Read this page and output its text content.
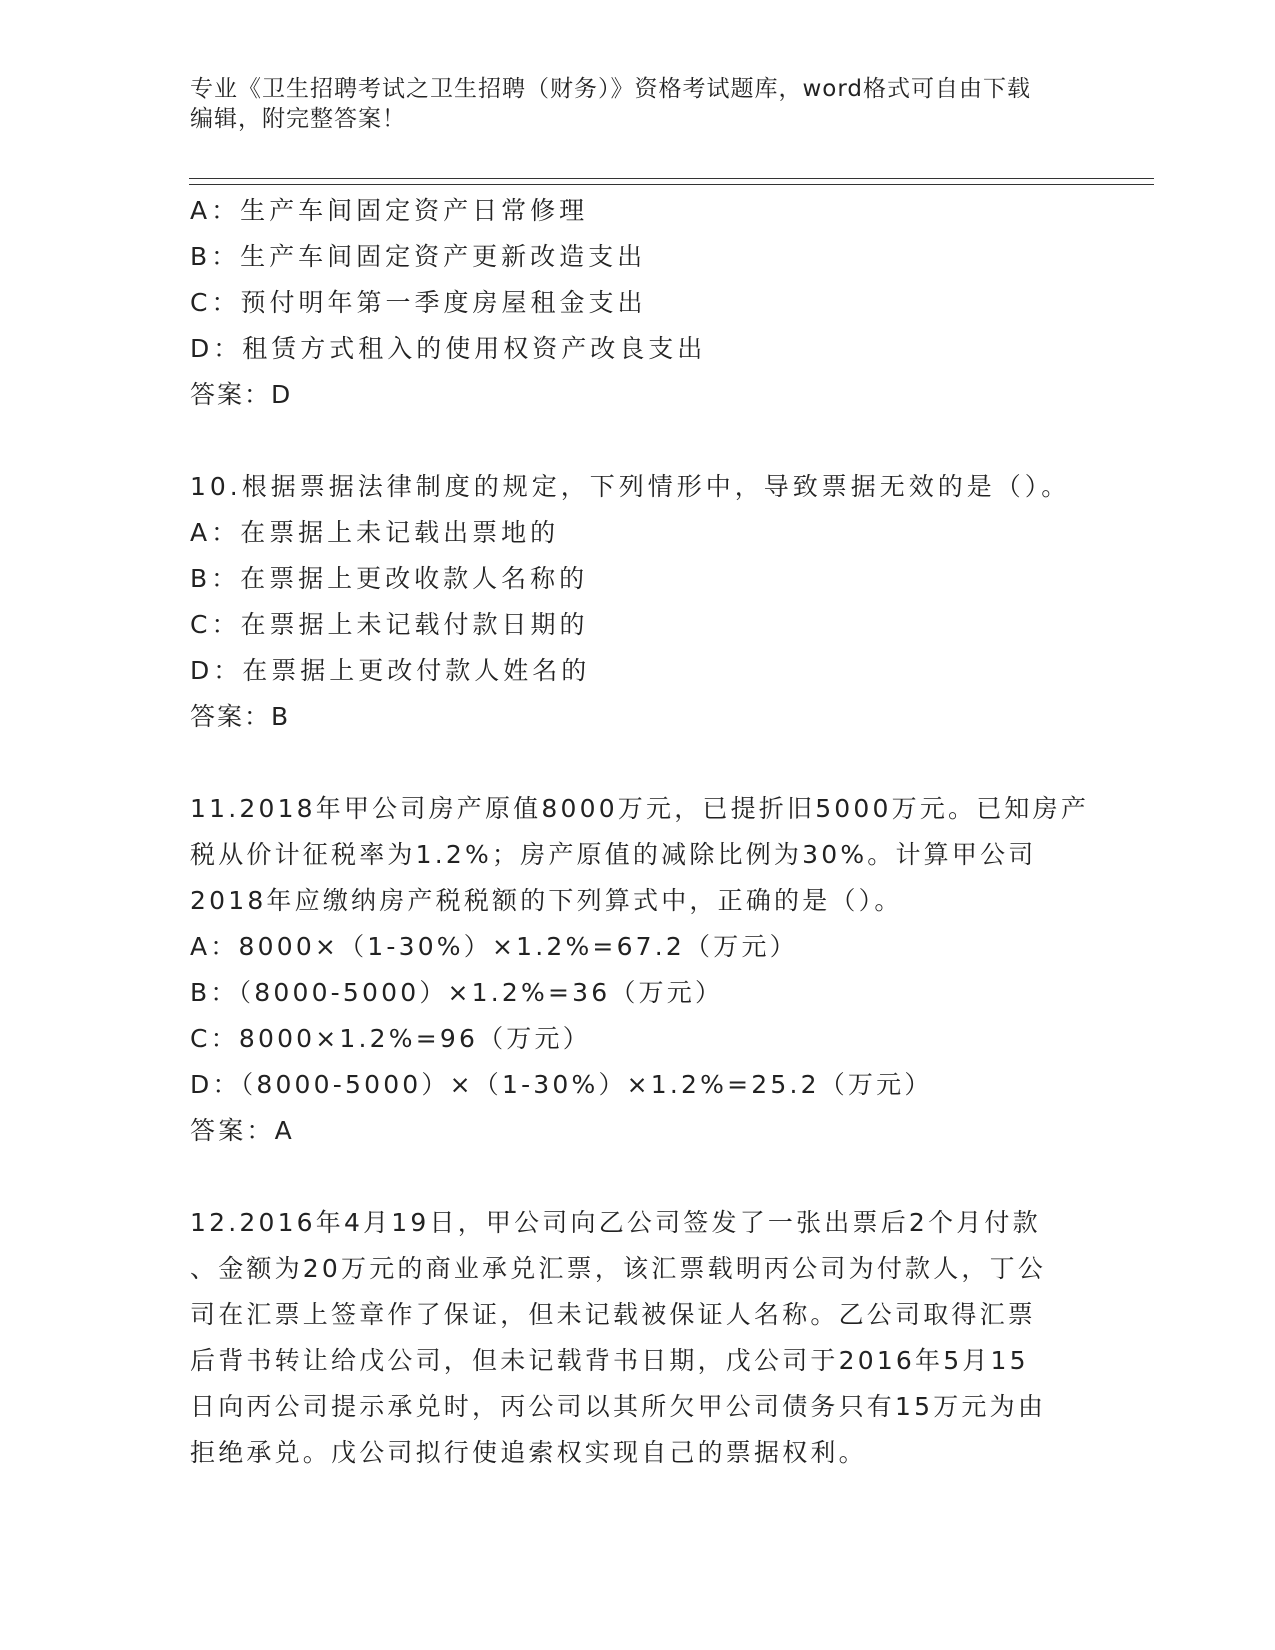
专业《卫生招聘考试之卫生招聘（财务）》资格考试题库，word格式可自由下载
编辑，附完整答案！
A：生产车间固定资产日常修理
B：生产车间固定资产更新改造支出
C：预付明年第一季度房屋租金支出
D：租赁方式租入的使用权资产改良支出
答案：D
10.根据票据法律制度的规定，下列情形中，导致票据无效的是（）。
A：在票据上未记载出票地的
B：在票据上更改收款人名称的
C：在票据上未记载付款日期的
D：在票据上更改付款人姓名的
答案：B
11.2018年甲公司房产原值8000万元，已提折旧5000万元。已知房产
税从价计征税率为1.2%；房产原值的减除比例为30%。计算甲公司
2018年应缴纳房产税税额的下列算式中，正确的是（）。
A：8000×（1-30%）×1.2%=67.2（万元）
B：（8000-5000）×1.2%=36（万元）
C：8000×1.2%=96（万元）
D：（8000-5000）×（1-30%）×1.2%=25.2（万元）
答案：A
12.2016年4月19日，甲公司向乙公司签发了一张出票后2个月付款
、金额为20万元的商业承兑汇票，该汇票载明丙公司为付款人，丁公
司在汇票上签章作了保证，但未记载被保证人名称。乙公司取得汇票
后背书转让给戊公司，但未记载背书日期，戊公司于2016年5月15
日向丙公司提示承兑时，丙公司以其所欠甲公司债务只有15万元为由
拒绝承兑。戊公司拟行使追索权实现自己的票据权利。
